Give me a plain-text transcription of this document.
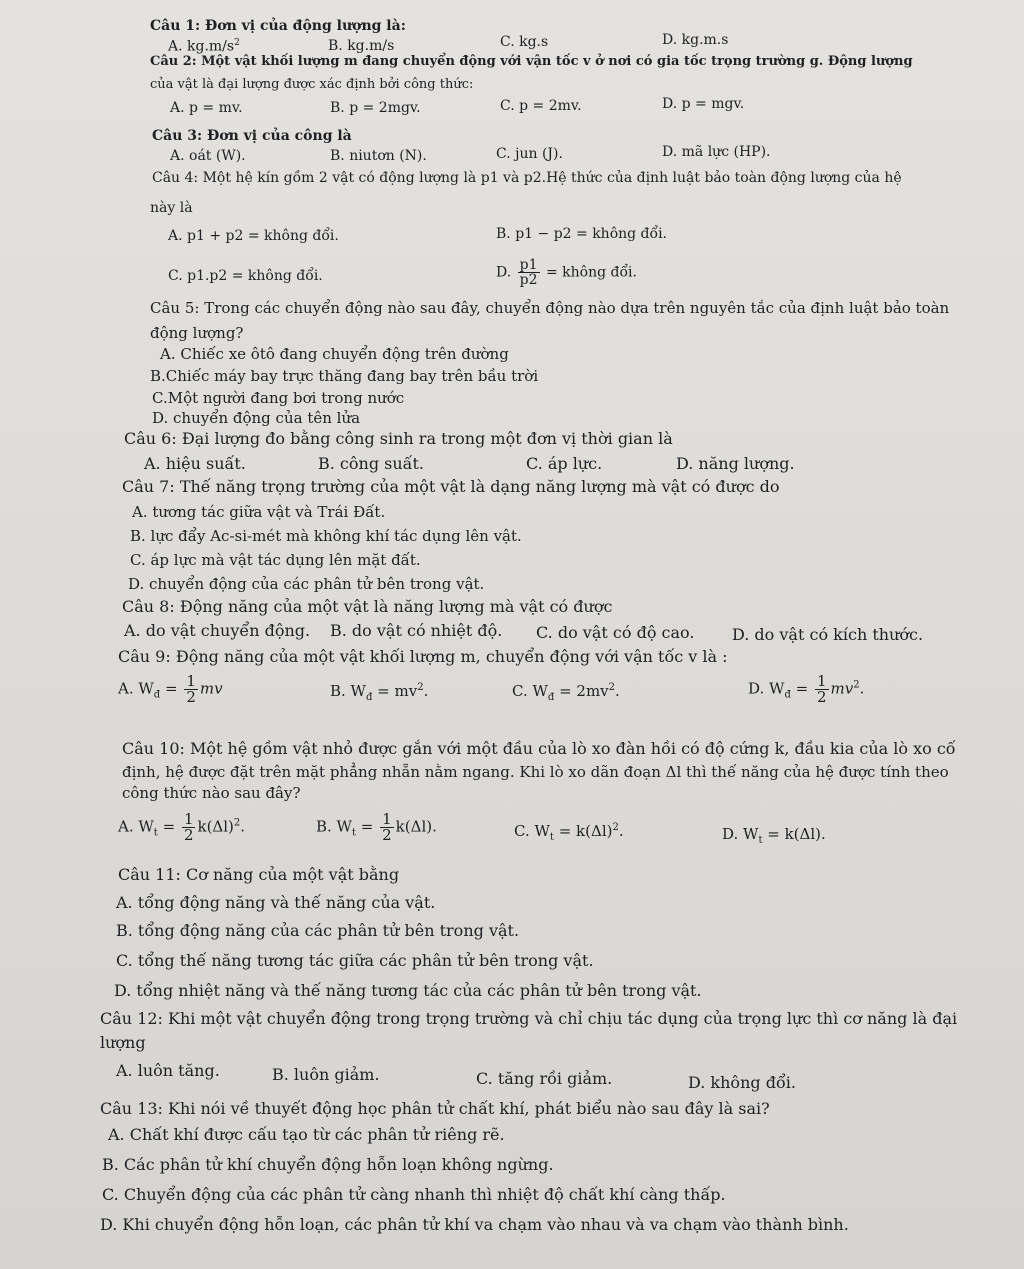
Câu 1: Đơn vị của động lượng là:
A. $kg.m/s^2$	B. kg.m/s	C. kg.s	D. kg.m.s
Câu 2: Một vật khối lượng m đang chuyển động với vận tốc v ở nơi có gia tốc trọng trường g. Động lượng
của vật là đại lượng được xác định bởi công thức:
A. p = mv.	B. p = 2mgv.	C. p = 2mv.	D. p = mgv.
Câu 3: Đơn vị của công là
A. oát (W).	B. niutơn (N).	C. jun (J).	D. mã lực (HP).
Câu 4: Một hệ kín gồm 2 vật có động lượng là p1 và p2.Hệ thức của định luật bảo toàn động lượng của hệ
này là
A. p1 + p2 = không đổi.	B. p1 − p2 = không đổi.
C. p1.p2 = không đổi.	D. $\frac{p1}{p2}$ = không đổi.
Câu 5: Trong các chuyển động nào sau đây, chuyển động nào dựa trên nguyên tắc của định luật bảo toàn
động lượng?
A. Chiếc xe ôtô đang chuyển động trên đường
B.Chiếc máy bay trực thăng đang bay trên bầu trời
C.Một người đang bơi trong nước
D. chuyển động của tên lửa
Câu 6: Đại lượng đo bằng công sinh ra trong một đơn vị thời gian là
A. hiệu suất.	B. công suất.	C. áp lực.	D. năng lượng.
Câu 7: Thế năng trọng trường của một vật là dạng năng lượng mà vật có được do
A. tương tác giữa vật và Trái Đất.
B. lực đẩy Ac-si-mét mà không khí tác dụng lên vật.
C. áp lực mà vật tác dụng lên mặt đất.
D. chuyển động của các phân tử bên trong vật.
Câu 8: Động năng của một vật là năng lượng mà vật có được
A. do vật chuyển động. B. do vật có nhiệt độ. C. do vật có độ cao. D. do vật có kích thước.
Câu 9: Động năng của một vật khối lượng m, chuyển động với vận tốc v là :
A. $W_đ = \frac{1}{2}$ mv	B. $W_đ = mv^2$.	C. $W_đ = 2mv^2$.	D. $W_đ = \frac{1}{2} mv^2$.
Câu 10: Một hệ gồm vật nhỏ được gắn với một đầu của lò xo đàn hồi có độ cứng k, đầu kia của lò xo cố
định, hệ được đặt trên mặt phẳng nhẵn nằm ngang. Khi lò xo dãn đoạn Δl thì thế năng của hệ được tính theo
công thức nào sau đây?
A. $W_t = \frac{1}{2} k(\Delta l)^2$.	B. $W_t = \frac{1}{2} k(\Delta l)$.	C. $W_t = k(\Delta l)^2$.	D. $W_t = k(\Delta l)$.
Câu 11: Cơ năng của một vật bằng
A. tổng động năng và thế năng của vật.
B. tổng động năng của các phân tử bên trong vật.
C. tổng thế năng tương tác giữa các phân tử bên trong vật.
D. tổng nhiệt năng và thế năng tương tác của các phân tử bên trong vật.
Câu 12: Khi một vật chuyển động trong trọng trường và chỉ chịu tác dụng của trọng lực thì cơ năng là đại
lượng
A. luôn tăng.	B. luôn giảm.	C. tăng rồi giảm.	D. không đổi.
Câu 13: Khi nói về thuyết động học phân tử chất khí, phát biểu nào sau đây là sai?
A. Chất khí được cấu tạo từ các phân tử riêng rẽ.
B. Các phân tử khí chuyển động hỗn loạn không ngừng.
C. Chuyển động của các phân tử càng nhanh thì nhiệt độ chất khí càng thấp.
D. Khi chuyển động hỗn loạn, các phân tử khí va chạm vào nhau và va chạm vào thành bình.
